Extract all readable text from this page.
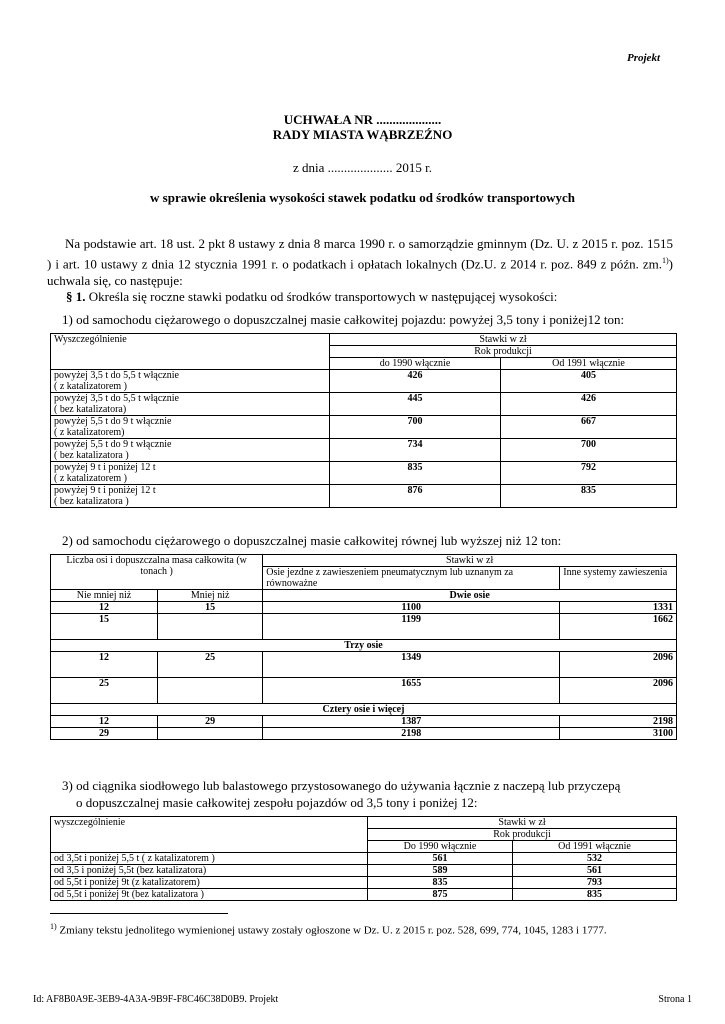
Projekt
UCHWAŁA NR ....................
RADY MIASTA WĄBRZEŹNO
z dnia .................... 2015 r.
w sprawie określenia wysokości stawek podatku od środków transportowych
Na podstawie art. 18 ust. 2 pkt 8 ustawy z dnia 8 marca 1990 r. o samorządzie gminnym (Dz. U. z 2015 r. poz. 1515 ) i art. 10 ustawy z dnia 12 stycznia 1991 r. o podatkach i opłatach lokalnych (Dz.U. z 2014 r. poz. 849 z późn. zm.$^{1)}$) uchwala się, co następuje:
§ 1. Określa się roczne stawki podatku od środków transportowych w następującej wysokości:
1) od samochodu ciężarowego o dopuszczalnej masie całkowitej pojazdu: powyżej 3,5 tony i poniżej12 ton:
Wyszczególnienie	Stawki w zł	
	Rok produkcji	
	do 1990 włącznie	Od 1991 włącznie
powyżej 3,5 t do 5,5 t włącznie
( z katalizatorem )	426	405
powyżej 3,5 t do 5,5 t włącznie
( bez katalizatora)	445	426
powyżej 5,5 t do 9 t włącznie
( z katalizatorem)	700	667
powyżej 5,5 t do 9 t włącznie
( bez katalizatora )	734	700
powyżej 9 t i poniżej 12 t
( z katalizatorem )	835	792
powyżej 9 t i poniżej 12 t
( bez katalizatora )	876	835
2) od samochodu ciężarowego o dopuszczalnej masie całkowitej równej lub wyższej niż 12 ton:
Liczba osi i dopuszczalna masa całkowita (w tonach )		Stawki w zł	
		Osie jezdne z zawieszeniem pneumatycznym lub uznanym za równoważne	Inne systemy zawieszenia
Nie mniej niż	Mniej niż	Dwie osie	
12	15	1100	1331
15		1199	1662
Trzy osie			
12	25	1349	2096
25		1655	2096
Cztery osie i więcej			
12	29	1387	2198
29		2198	3100
3) od ciągnika siodłowego lub balastowego przystosowanego do używania łącznie z naczepą lub przyczepą
o dopuszczalnej masie całkowitej zespołu pojazdów od 3,5 tony i poniżej 12:
wyszczególnienie	Stawki w zł	
	Rok produkcji	
	Do 1990 włącznie	Od 1991 włącznie
od 3,5t i poniżej 5,5 t ( z katalizatorem )	561	532
od 3,5 i poniżej 5,5t (bez katalizatora)	589	561
od 5,5t i poniżej 9t (z katalizatorem)	835	793
od 5,5t i poniżej 9t (bez katalizatora )	875	835
$^{1)}$ Zmiany tekstu jednolitego wymienionej ustawy zostały ogłoszone w Dz. U. z 2015 r. poz. 528, 699, 774, 1045, 1283 i 1777.
Id: AF8B0A9E-3EB9-4A3A-9B9F-F8C46C38D0B9. Projekt	Strona 1
